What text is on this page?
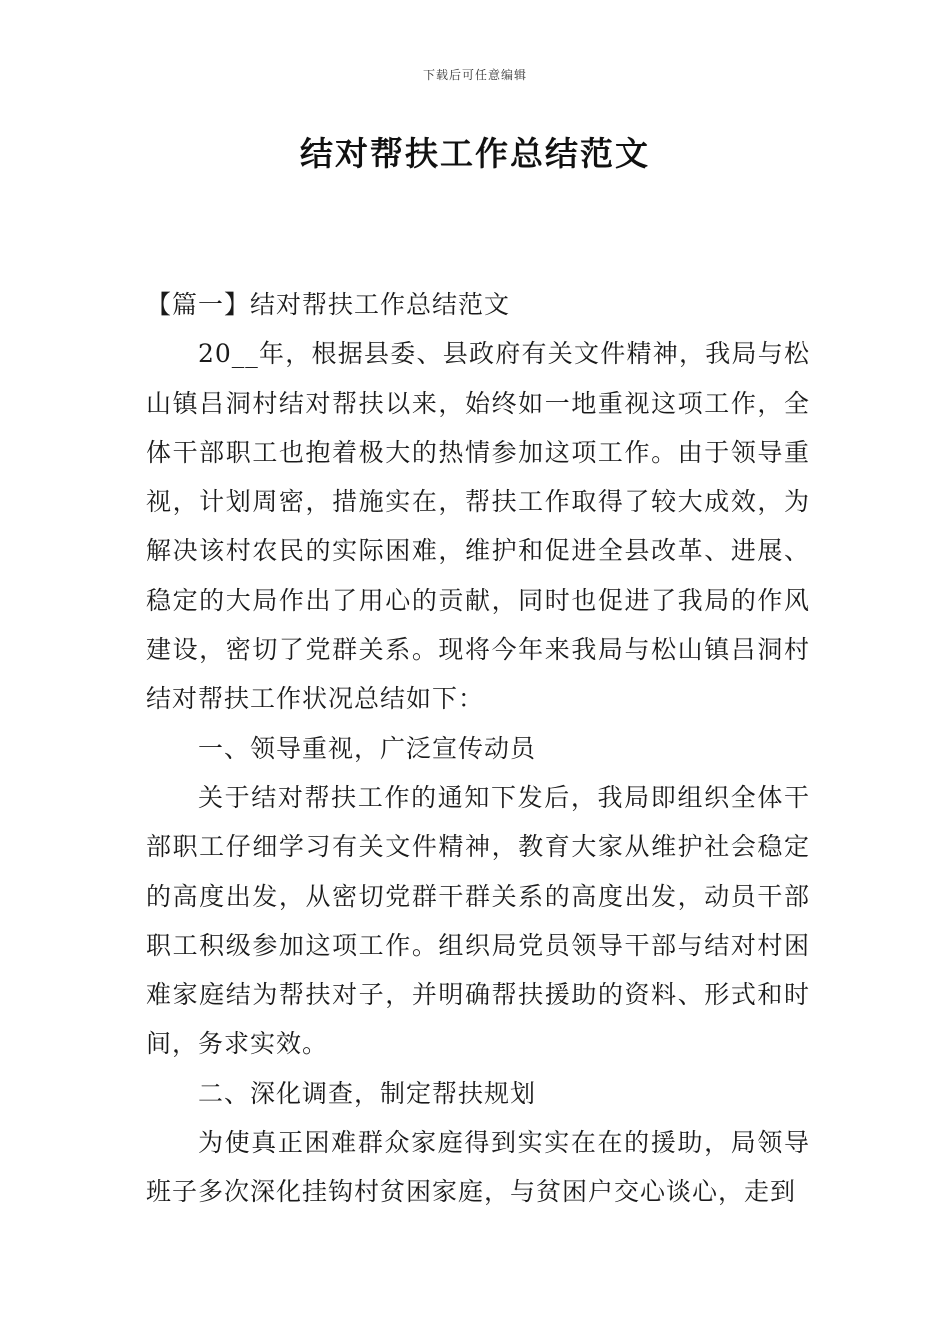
下载后可任意编辑
结对帮扶工作总结范文

【篇一】结对帮扶工作总结范文

20__年，根据县委、县政府有关文件精神，我局与松山镇吕洞村结对帮扶以来，始终如一地重视这项工作，全体干部职工也抱着极大的热情参加这项工作。由于领导重视，计划周密，措施实在，帮扶工作取得了较大成效，为解决该村农民的实际困难，维护和促进全县改革、进展、稳定的大局作出了用心的贡献，同时也促进了我局的作风建设，密切了党群关系。现将今年来我局与松山镇吕洞村结对帮扶工作状况总结如下：

一、领导重视，广泛宣传动员

关于结对帮扶工作的通知下发后，我局即组织全体干部职工仔细学习有关文件精神，教育大家从维护社会稳定的高度出发，从密切党群干群关系的高度出发，动员干部职工积级参加这项工作。组织局党员领导干部与结对村困难家庭结为帮扶对子，并明确帮扶援助的资料、形式和时间，务求实效。

二、深化调查，制定帮扶规划

为使真正困难群众家庭得到实实在在的援助，局领导班子多次深化挂钩村贫困家庭，与贫困户交心谈心，走到
